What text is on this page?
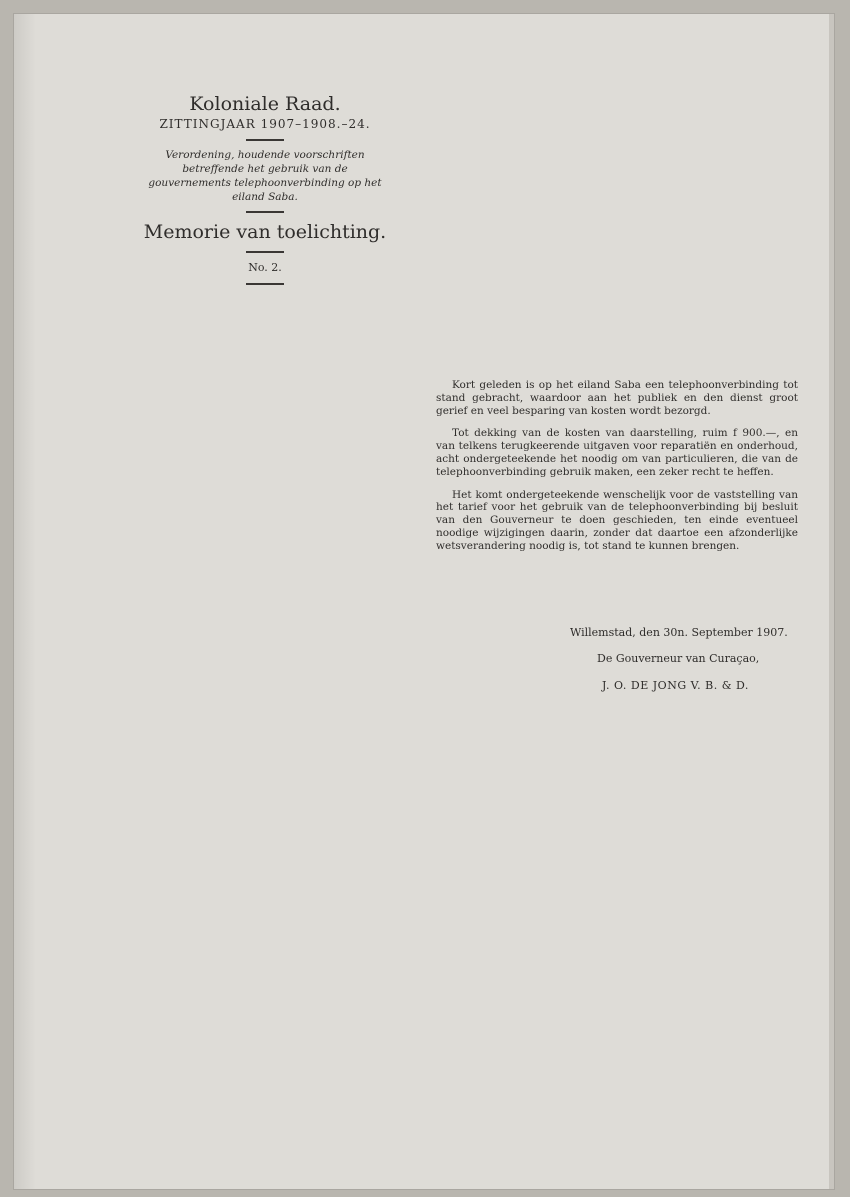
Koloniale Raad.
ZITTINGJAAR 1907–1908.–24.
Verordening, houdende voorschriften betreffende het gebruik van de gouvernements telephoonverbinding op het eiland Saba.
Memorie van toelichting.
No. 2.

Kort geleden is op het eiland Saba een telephoonverbinding tot stand gebracht, waardoor aan het publiek en den dienst groot gerief en veel besparing van kosten wordt bezorgd.

Tot dekking van de kosten van daarstelling, ruim f 900.—, en van telkens terugkeerende uitgaven voor reparatiën en onderhoud, acht ondergeteekende het noodig om van particulieren, die van de telephoonverbinding gebruik maken, een zeker recht te heffen.

Het komt ondergeteekende wenschelijk voor de vaststelling van het tarief voor het gebruik van de telephoonverbinding bij besluit van den Gouverneur te doen geschieden, ten einde eventueel noodige wijzigingen daarin, zonder dat daartoe een afzonderlijke wetsverandering noodig is, tot stand te kunnen brengen.

Willemstad, den 30n. September 1907.
De Gouverneur van Curaçao,
J. O. DE JONG V. B. & D.
